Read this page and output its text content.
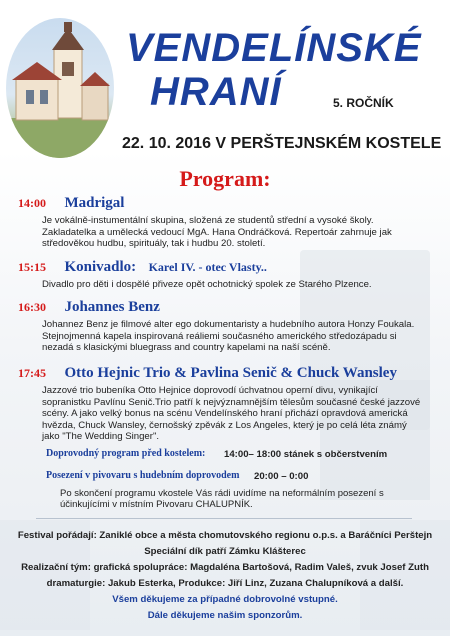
VENDELÍNSKÉ
HRANÍ	5. ROČNÍK
22. 10. 2016 V PERŠTEJNSKÉM KOSTELE
Program:
14:00 Madrigal
Je vokálně-instumentální skupina, složená ze studentů střední a vysoké školy. Zakladatelka a umělecká vedoucí MgA. Hana Ondráčková. Repertoár zahrnuje jak středověkou hudbu, spirituály, tak i hudbu 20. století.
15:15 Konivadlo: Karel IV. - otec Vlasty..
Divadlo pro děti i dospělé přiveze opět ochotnický spolek ze Starého Plzence.
16:30 Johannes Benz
Johannez Benz je filmové alter ego dokumentaristy a hudebního autora Honzy Foukala. Stejnojmenná kapela inspirovaná reáliemi současného amerického středozápadu si nezadá s klasickými bluegrass and country kapelami na naší scéně.
17:45 Otto Hejnic Trio & Pavlina Senič & Chuck Wansley
Jazzové trio bubeníka Otto Hejnice doprovodí úchvatnou operní divu, vynikající sopranistku Pavlínu Senič.Trio patří k nejvýznamnějším tělesům současné české jazzové scény. A jako velký bonus na scénu Vendelínského hraní přichází opravdová americká hvězda, Chuck Wansley, černošský zpěvák z Los Angeles, který je po celá léta známý jako "The Wedding Singer".
Doprovodný program před kostelem: 14:00– 18:00 stánek s občerstvením
Posezení v pivovaru s hudebním doprovodem 20:00 – 0:00
Po skončení programu vkostele Vás rádi uvidíme na neformálním posezení s účinkujícími v místním Pivovaru CHALUPNÍK.
Festival pořádají: Zaniklé obce a města chomutovského regionu o.p.s. a Baráčníci Perštejn
Speciální dík patří Zámku Klášterec
Realizační tým: grafická spolupráce: Magdaléna Bartošová, Radim Valeš, zvuk Josef Zuth
dramaturgie: Jakub Esterka, Produkce: Jiří Linz, Zuzana Chalupníková a další.
Všem děkujeme za případné dobrovolné vstupné.
Dále děkujeme našim sponzorům.
